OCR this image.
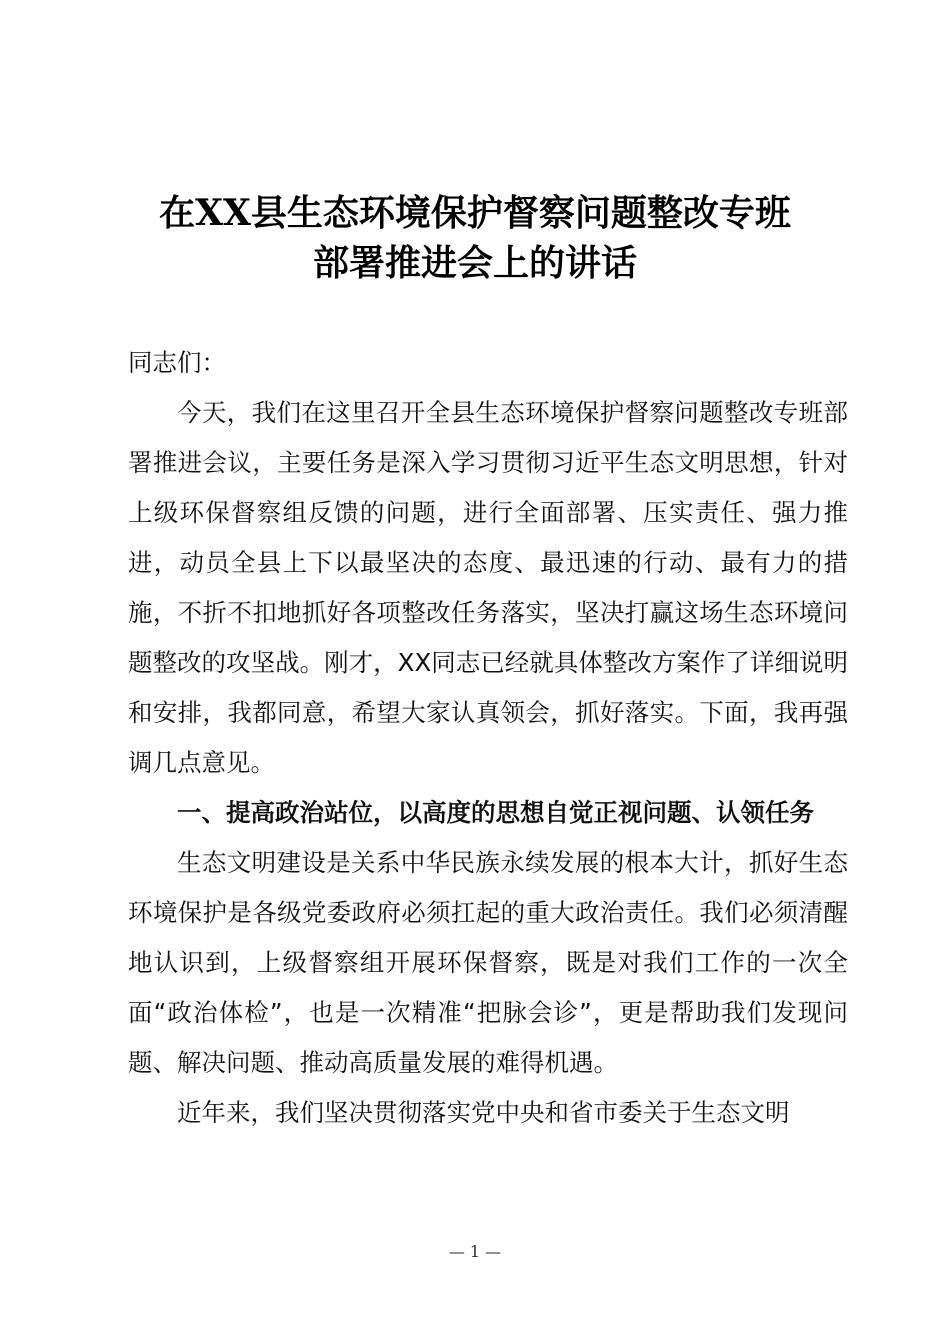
在XX县生态环境保护督察问题整改专班
部署推进会上的讲话

同志们：

今天，我们在这里召开全县生态环境保护督察问题整改专班部署推进会议，主要任务是深入学习贯彻习近平生态文明思想，针对上级环保督察组反馈的问题，进行全面部署、压实责任、强力推进，动员全县上下以最坚决的态度、最迅速的行动、最有力的措施，不折不扣地抓好各项整改任务落实，坚决打赢这场生态环境问题整改的攻坚战。刚才，XX同志已经就具体整改方案作了详细说明和安排，我都同意，希望大家认真领会，抓好落实。下面，我再强调几点意见。

一、提高政治站位，以高度的思想自觉正视问题、认领任务

生态文明建设是关系中华民族永续发展的根本大计，抓好生态环境保护是各级党委政府必须扛起的重大政治责任。我们必须清醒地认识到，上级督察组开展环保督察，既是对我们工作的一次全面“政治体检”，也是一次精准“把脉会诊”，更是帮助我们发现问题、解决问题、推动高质量发展的难得机遇。

近年来，我们坚决贯彻落实党中央和省市委关于生态文明

— 1 —
